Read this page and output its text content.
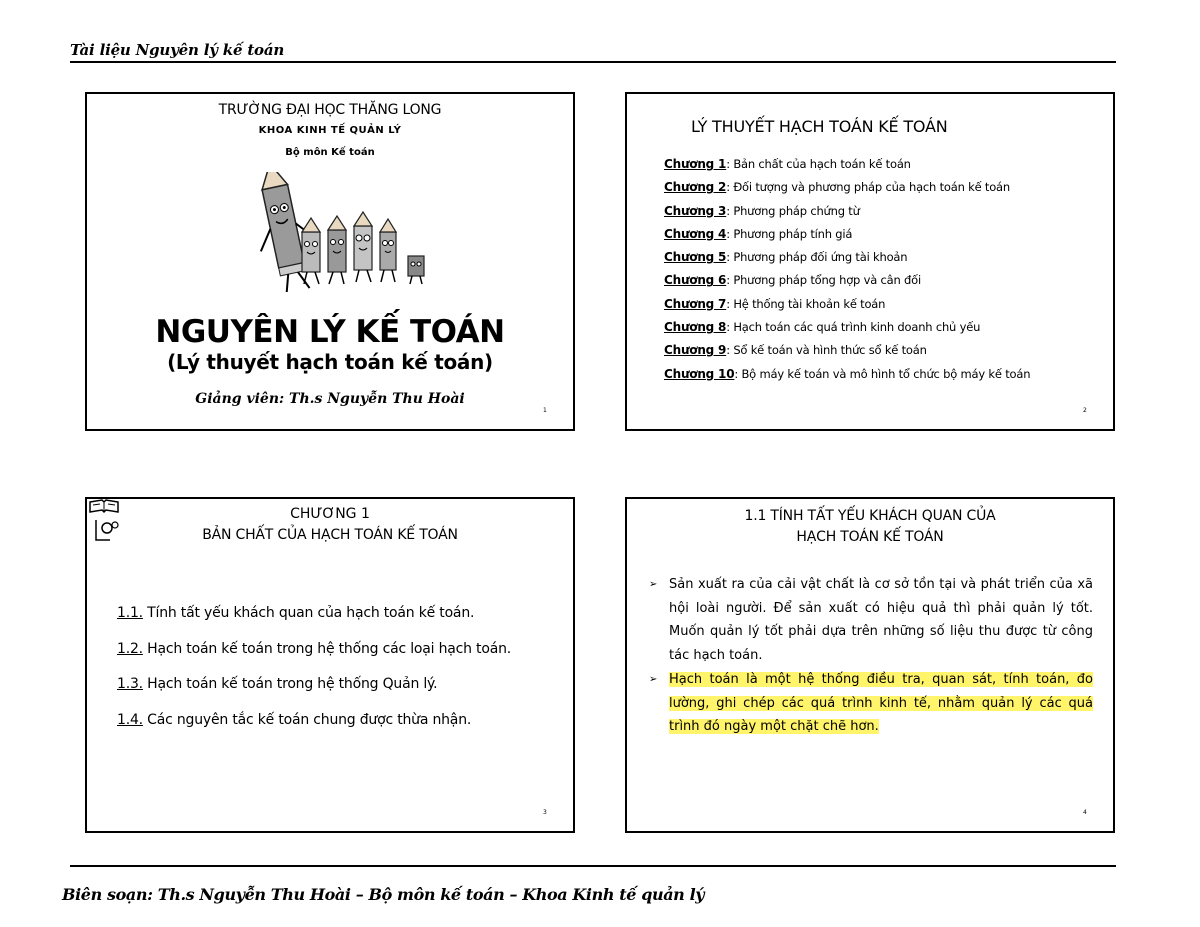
Tài liệu Nguyên lý kế toán
TRƯỜNG ĐẠI HỌC THĂNG LONG
KHOA KINH TẾ QUẢN LÝ
Bộ môn Kế toán
NGUYÊN LÝ KẾ TOÁN
(Lý thuyết hạch toán kế toán)
Giảng viên: Th.s Nguyễn Thu Hoài
1
LÝ THUYẾT HẠCH TOÁN KẾ TOÁN
Chương 1: Bản chất của hạch toán kế toán
Chương 2: Đối tượng và phương pháp của hạch toán kế toán
Chương 3: Phương pháp chứng từ
Chương 4: Phương pháp tính giá
Chương 5: Phương pháp đối ứng tài khoản
Chương 6: Phương pháp tổng hợp và cân đối
Chương 7: Hệ thống tài khoản kế toán
Chương 8: Hạch toán các quá trình kinh doanh chủ yếu
Chương 9: Sổ kế toán và hình thức sổ kế toán
Chương 10: Bộ máy kế toán và mô hình tổ chức bộ máy kế toán
2
CHƯƠNG 1
BẢN CHẤT CỦA HẠCH TOÁN KẾ TOÁN
1.1. Tính tất yếu khách quan của hạch toán kế toán.
1.2. Hạch toán kế toán trong hệ thống các loại hạch toán.
1.3. Hạch toán kế toán trong hệ thống Quản lý.
1.4. Các nguyên tắc kế toán chung được thừa nhận.
3
1.1 TÍNH TẤT YẾU KHÁCH QUAN CỦA
HẠCH TOÁN KẾ TOÁN
➢ Sản xuất ra của cải vật chất là cơ sở tồn tại và phát triển của xã hội loài người. Để sản xuất có hiệu quả thì phải quản lý tốt. Muốn quản lý tốt phải dựa trên những số liệu thu được từ công tác hạch toán.
➢ Hạch toán là một hệ thống điều tra, quan sát, tính toán, đo lường, ghi chép các quá trình kinh tế, nhằm quản lý các quá trình đó ngày một chặt chẽ hơn.
4
Biên soạn: Th.s Nguyễn Thu Hoài – Bộ môn kế toán – Khoa Kinh tế quản lý
